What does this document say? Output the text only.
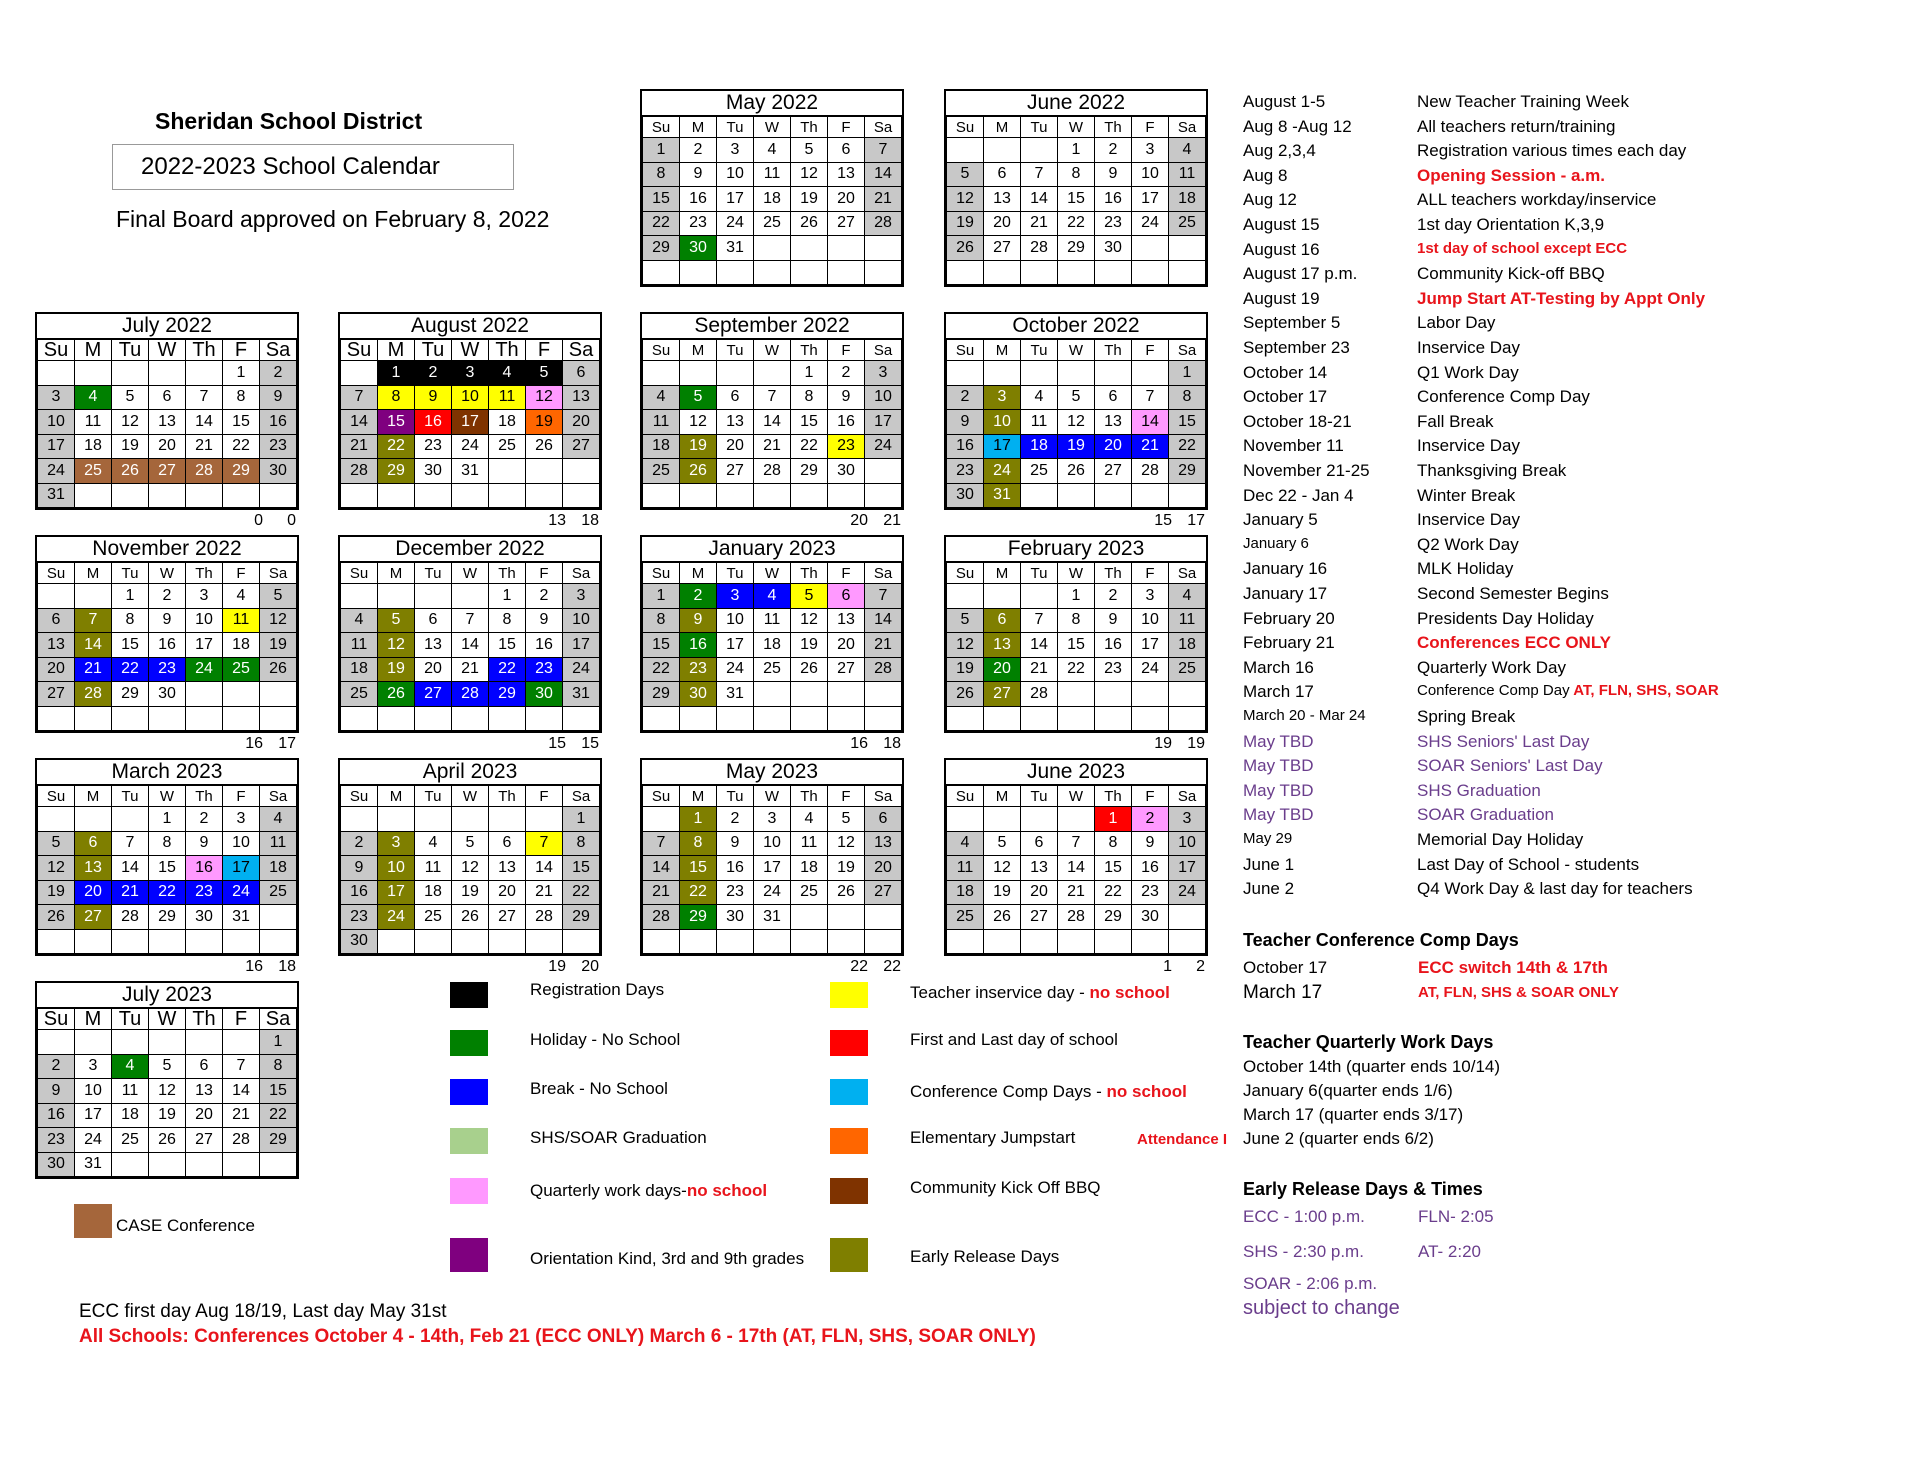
Sheridan School District
2022-2023 School Calendar
Final Board approved on February 8, 2022
May 2022
Su	M	Tu	W	Th	F	Sa
1	2	3	4	5	6	7
8	9	10	11	12	13	14
15	16	17	18	19	20	21
22	23	24	25	26	27	28
29	30	31				

June 2022
Su	M	Tu	W	Th	F	Sa
			1	2	3	4
5	6	7	8	9	10	11
12	13	14	15	16	17	18
19	20	21	22	23	24	25
26	27	28	29	30		

July 2022
Su	M	Tu	W	Th	F	Sa
					1	2
3	4	5	6	7	8	9
10	11	12	13	14	15	16
17	18	19	20	21	22	23
24	25	26	27	28	29	30
31						
0 0
August 2022
Su	M	Tu	W	Th	F	Sa
	1	2	3	4	5	6
7	8	9	10	11	12	13
14	15	16	17	18	19	20
21	22	23	24	25	26	27
28	29	30	31			

13 18
September 2022
Su	M	Tu	W	Th	F	Sa
				1	2	3
4	5	6	7	8	9	10
11	12	13	14	15	16	17
18	19	20	21	22	23	24
25	26	27	28	29	30	

20 21
October 2022
Su	M	Tu	W	Th	F	Sa
						1
2	3	4	5	6	7	8
9	10	11	12	13	14	15
16	17	18	19	20	21	22
23	24	25	26	27	28	29
30	31					
15 17
November 2022
Su	M	Tu	W	Th	F	Sa
		1	2	3	4	5
6	7	8	9	10	11	12
13	14	15	16	17	18	19
20	21	22	23	24	25	26
27	28	29	30			

16 17
December 2022
Su	M	Tu	W	Th	F	Sa
				1	2	3
4	5	6	7	8	9	10
11	12	13	14	15	16	17
18	19	20	21	22	23	24
25	26	27	28	29	30	31

15 15
January 2023
Su	M	Tu	W	Th	F	Sa
1	2	3	4	5	6	7
8	9	10	11	12	13	14
15	16	17	18	19	20	21
22	23	24	25	26	27	28
29	30	31				

16 18
February 2023
Su	M	Tu	W	Th	F	Sa
			1	2	3	4
5	6	7	8	9	10	11
12	13	14	15	16	17	18
19	20	21	22	23	24	25
26	27	28				

19 19
March 2023
Su	M	Tu	W	Th	F	Sa
			1	2	3	4
5	6	7	8	9	10	11
12	13	14	15	16	17	18
19	20	21	22	23	24	25
26	27	28	29	30	31	

16 18
April 2023
Su	M	Tu	W	Th	F	Sa
						1
2	3	4	5	6	7	8
9	10	11	12	13	14	15
16	17	18	19	20	21	22
23	24	25	26	27	28	29
30						
19 20
May 2023
Su	M	Tu	W	Th	F	Sa
	1	2	3	4	5	6
7	8	9	10	11	12	13
14	15	16	17	18	19	20
21	22	23	24	25	26	27
28	29	30	31			

22 22
June 2023
Su	M	Tu	W	Th	F	Sa
				1	2	3
4	5	6	7	8	9	10
11	12	13	14	15	16	17
18	19	20	21	22	23	24
25	26	27	28	29	30	

1 2
July 2023
Su	M	Tu	W	Th	F	Sa
						1
2	3	4	5	6	7	8
9	10	11	12	13	14	15
16	17	18	19	20	21	22
23	24	25	26	27	28	29
30	31					
August 1-5	New Teacher Training Week
Aug 8 -Aug 12	All teachers return/training
Aug 2,3,4	Registration various times each day
Aug 8	Opening Session - a.m.
Aug 12	ALL teachers workday/inservice
August 15	1st day Orientation K,3,9
August 16	1st day of school except ECC
August 17 p.m.	Community Kick-off BBQ
August 19	Jump Start AT-Testing by Appt Only
September 5	Labor Day
September 23	Inservice Day
October 14	Q1 Work Day
October 17	Conference Comp Day
October 18-21	Fall Break
November 11	Inservice Day
November 21-25	Thanksgiving Break
Dec 22 - Jan 4	Winter Break
January 5	Inservice Day
January 6	Q2 Work Day
January 16	MLK Holiday
January 17	Second Semester Begins
February 20	Presidents Day Holiday
February 21	Conferences ECC ONLY
March 16	Quarterly Work Day
March 17	Conference Comp Day AT, FLN, SHS, SOAR
March 20 - Mar 24	Spring Break
May TBD	SHS Seniors' Last Day
May TBD	SOAR Seniors' Last Day
May TBD	SHS Graduation
May TBD	SOAR Graduation
May 29	Memorial Day Holiday
June 1	Last Day of School - students
June 2	Q4 Work Day & last day for teachers
Teacher Conference Comp Days
October 17	ECC switch 14th & 17th
March 17	AT, FLN, SHS & SOAR ONLY
Teacher Quarterly Work Days
October 14th (quarter ends 10/14)
January 6(quarter ends 1/6)
March 17 (quarter ends 3/17)
June 2 (quarter ends 6/2)
Early Release Days & Times
ECC - 1:00 p.m.	FLN- 2:05
SHS - 2:30 p.m.	AT- 2:20
SOAR - 2:06 p.m.
subject to change
Registration Days
Holiday - No School
Break - No School
SHS/SOAR Graduation
Quarterly work days-no school
Orientation Kind, 3rd and 9th grades
Teacher inservice day - no school
First and Last day of school
Conference Comp Days - no school
Elementary Jumpstart	Attendance I
Community Kick Off BBQ
Early Release Days
CASE Conference
ECC first day Aug 18/19, Last day May 31st
All Schools: Conferences October 4 - 14th, Feb 21 (ECC ONLY) March 6 - 17th (AT, FLN, SHS, SOAR ONLY)
